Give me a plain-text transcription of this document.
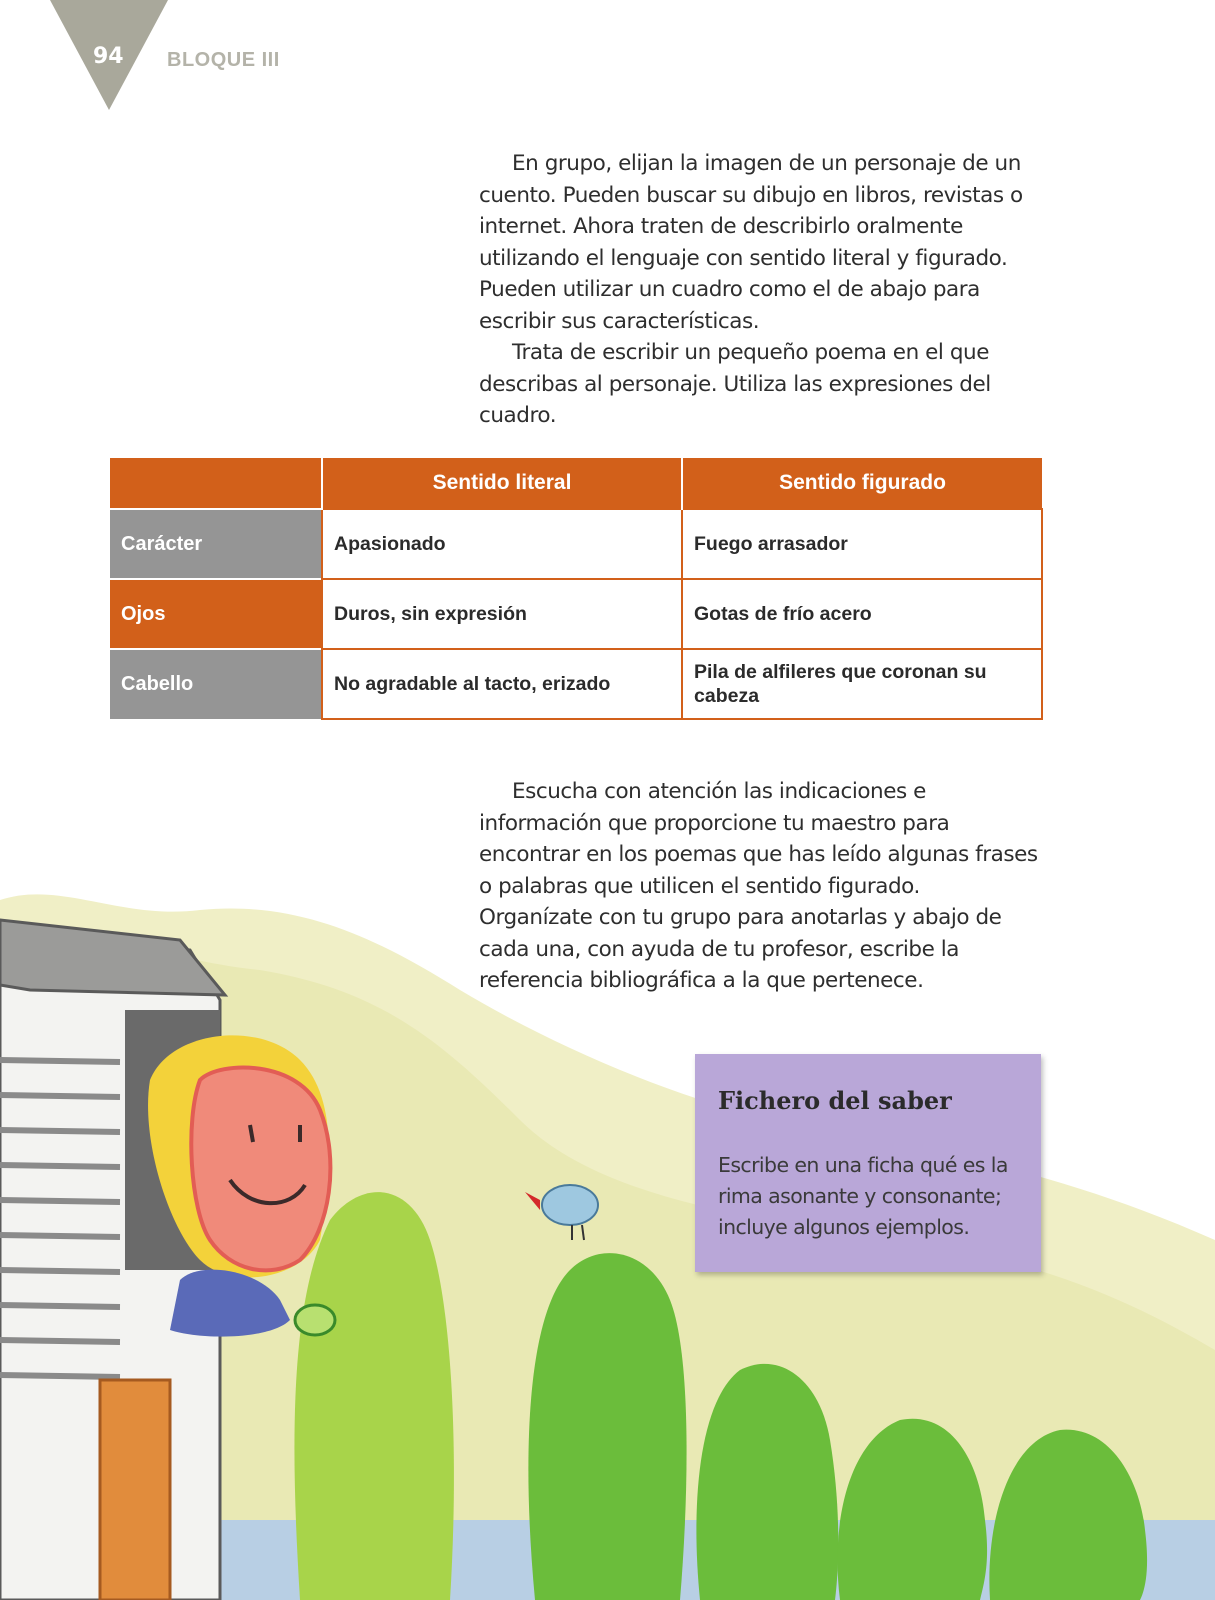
94 BLOQUE III

En grupo, elijan la imagen de un personaje de un cuento. Pueden buscar su dibujo en libros, revistas o internet. Ahora traten de describirlo oralmente utilizando el lenguaje con sentido literal y figurado. Pueden utilizar un cuadro como el de abajo para escribir sus características.

Trata de escribir un pequeño poema en el que describas al personaje. Utiliza las expresiones del cuadro.

	Sentido literal	Sentido figurado
Carácter	Apasionado	Fuego arrasador
Ojos	Duros, sin expresión	Gotas de frío acero
Cabello	No agradable al tacto, erizado	Pila de alfileres que coronan su cabeza

Escucha con atención las indicaciones e información que proporcione tu maestro para encontrar en los poemas que has leído algunas frases o palabras que utilicen el sentido figurado. Organízate con tu grupo para anotarlas y abajo de cada una, con ayuda de tu profesor, escribe la referencia bibliográfica a la que pertenece.

Fichero del saber
Escribe en una ficha qué es la rima asonante y consonante; incluye algunos ejemplos.
